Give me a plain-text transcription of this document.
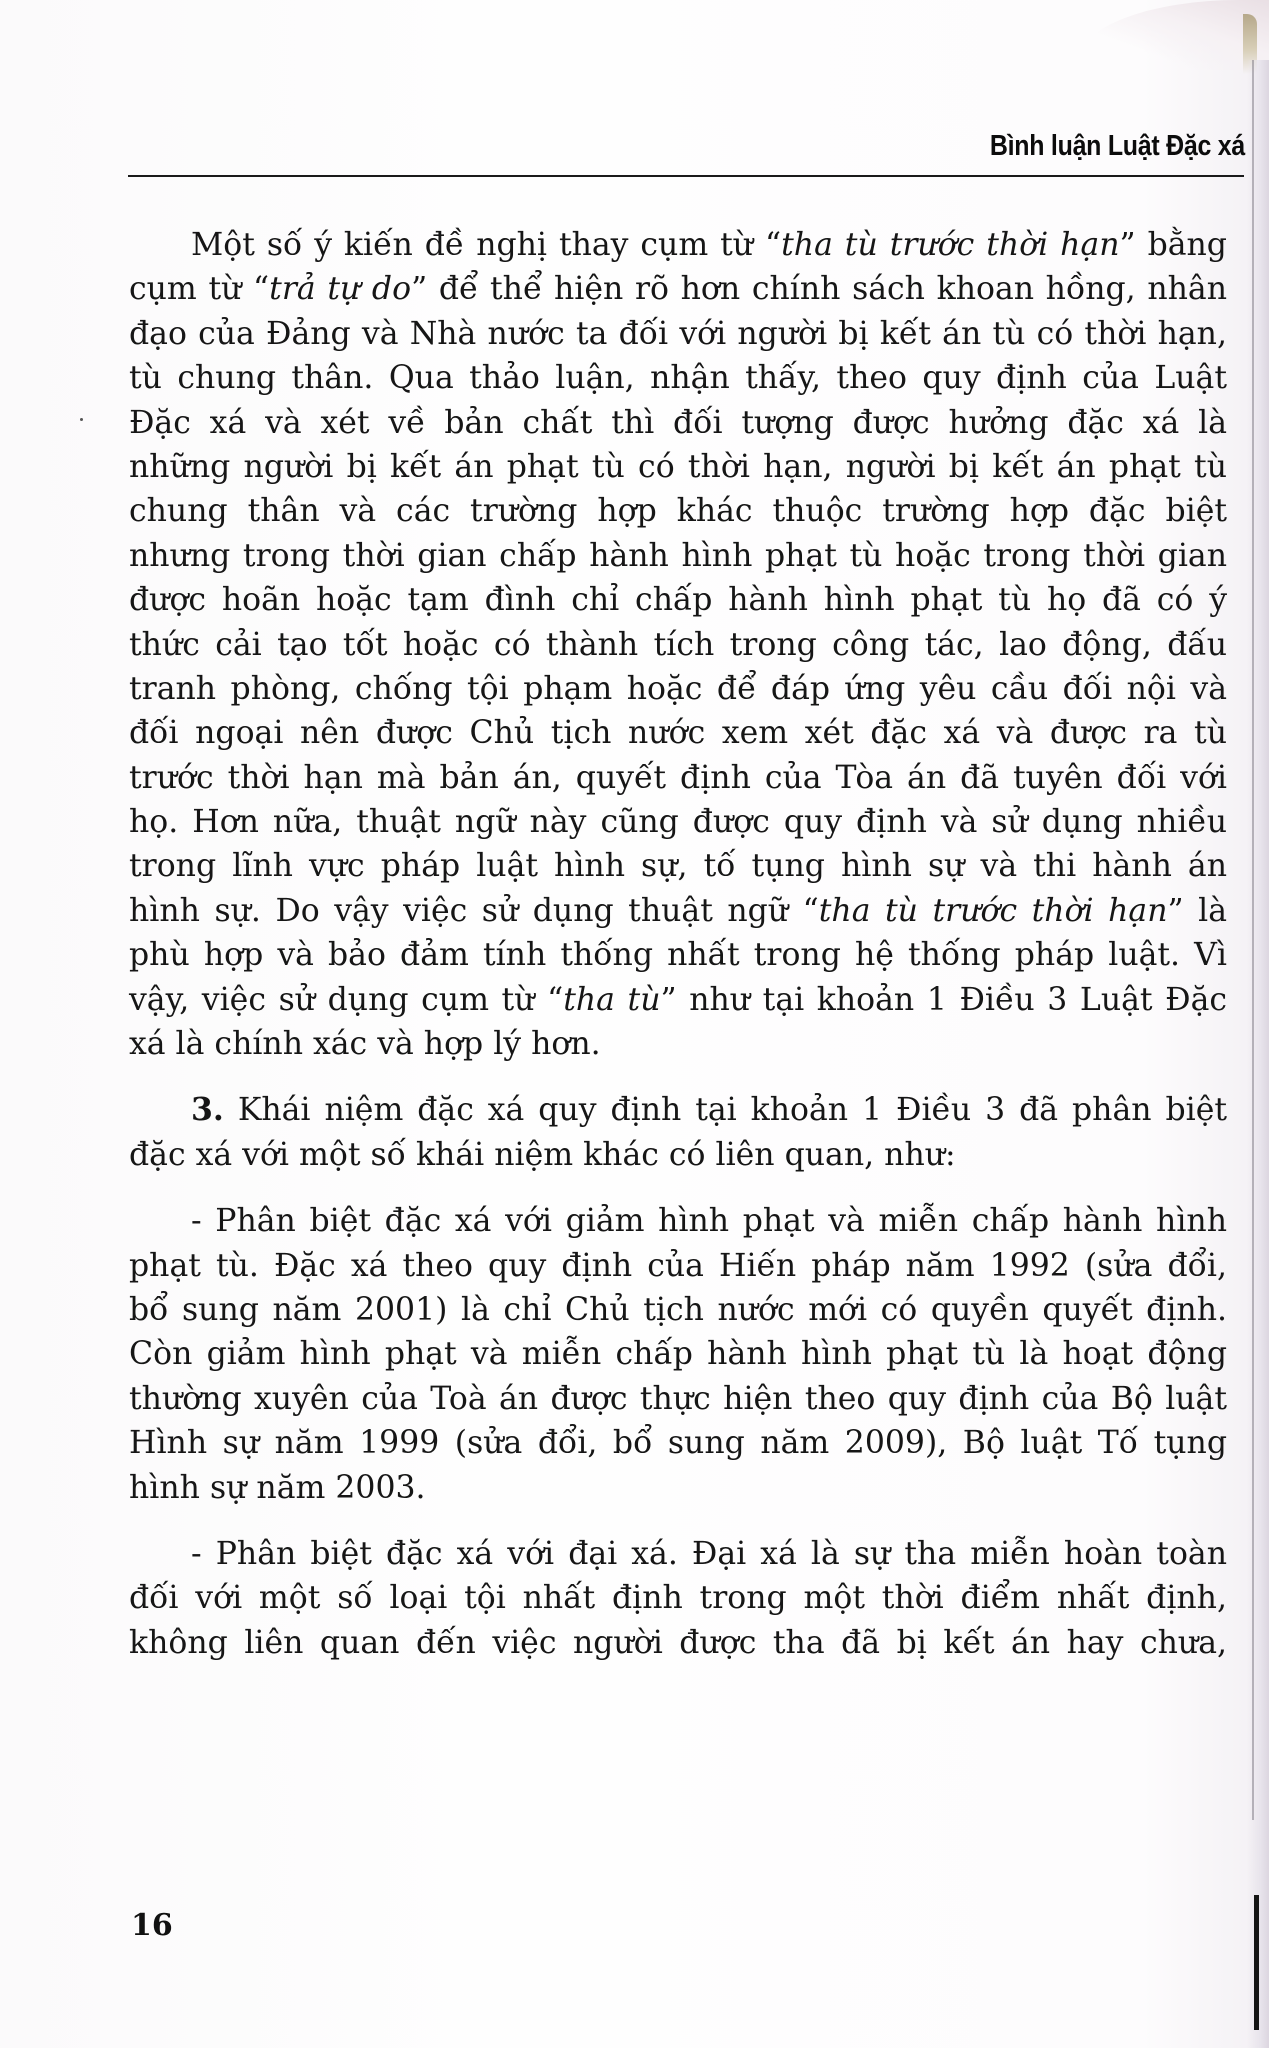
Bình luận Luật Đặc xá
Một số ý kiến đề nghị thay cụm từ “tha tù trước thời hạn” bằng
cụm từ “trả tự do” để thể hiện rõ hơn chính sách khoan hồng, nhân
đạo của Đảng và Nhà nước ta đối với người bị kết án tù có thời hạn,
tù chung thân. Qua thảo luận, nhận thấy, theo quy định của Luật
Đặc xá và xét về bản chất thì đối tượng được hưởng đặc xá là
những người bị kết án phạt tù có thời hạn, người bị kết án phạt tù
chung thân và các trường hợp khác thuộc trường hợp đặc biệt
nhưng trong thời gian chấp hành hình phạt tù hoặc trong thời gian
được hoãn hoặc tạm đình chỉ chấp hành hình phạt tù họ đã có ý
thức cải tạo tốt hoặc có thành tích trong công tác, lao động, đấu
tranh phòng, chống tội phạm hoặc để đáp ứng yêu cầu đối nội và
đối ngoại nên được Chủ tịch nước xem xét đặc xá và được ra tù
trước thời hạn mà bản án, quyết định của Tòa án đã tuyên đối với
họ. Hơn nữa, thuật ngữ này cũng được quy định và sử dụng nhiều
trong lĩnh vực pháp luật hình sự, tố tụng hình sự và thi hành án
hình sự. Do vậy việc sử dụng thuật ngữ “tha tù trước thời hạn” là
phù hợp và bảo đảm tính thống nhất trong hệ thống pháp luật. Vì
vậy, việc sử dụng cụm từ “tha tù” như tại khoản 1 Điều 3 Luật Đặc
xá là chính xác và hợp lý hơn.
3. Khái niệm đặc xá quy định tại khoản 1 Điều 3 đã phân biệt
đặc xá với một số khái niệm khác có liên quan, như:
- Phân biệt đặc xá với giảm hình phạt và miễn chấp hành hình
phạt tù. Đặc xá theo quy định của Hiến pháp năm 1992 (sửa đổi,
bổ sung năm 2001) là chỉ Chủ tịch nước mới có quyền quyết định.
Còn giảm hình phạt và miễn chấp hành hình phạt tù là hoạt động
thường xuyên của Toà án được thực hiện theo quy định của Bộ luật
Hình sự năm 1999 (sửa đổi, bổ sung năm 2009), Bộ luật Tố tụng
hình sự năm 2003.
- Phân biệt đặc xá với đại xá. Đại xá là sự tha miễn hoàn toàn
đối với một số loại tội nhất định trong một thời điểm nhất định,
không liên quan đến việc người được tha đã bị kết án hay chưa,
16
